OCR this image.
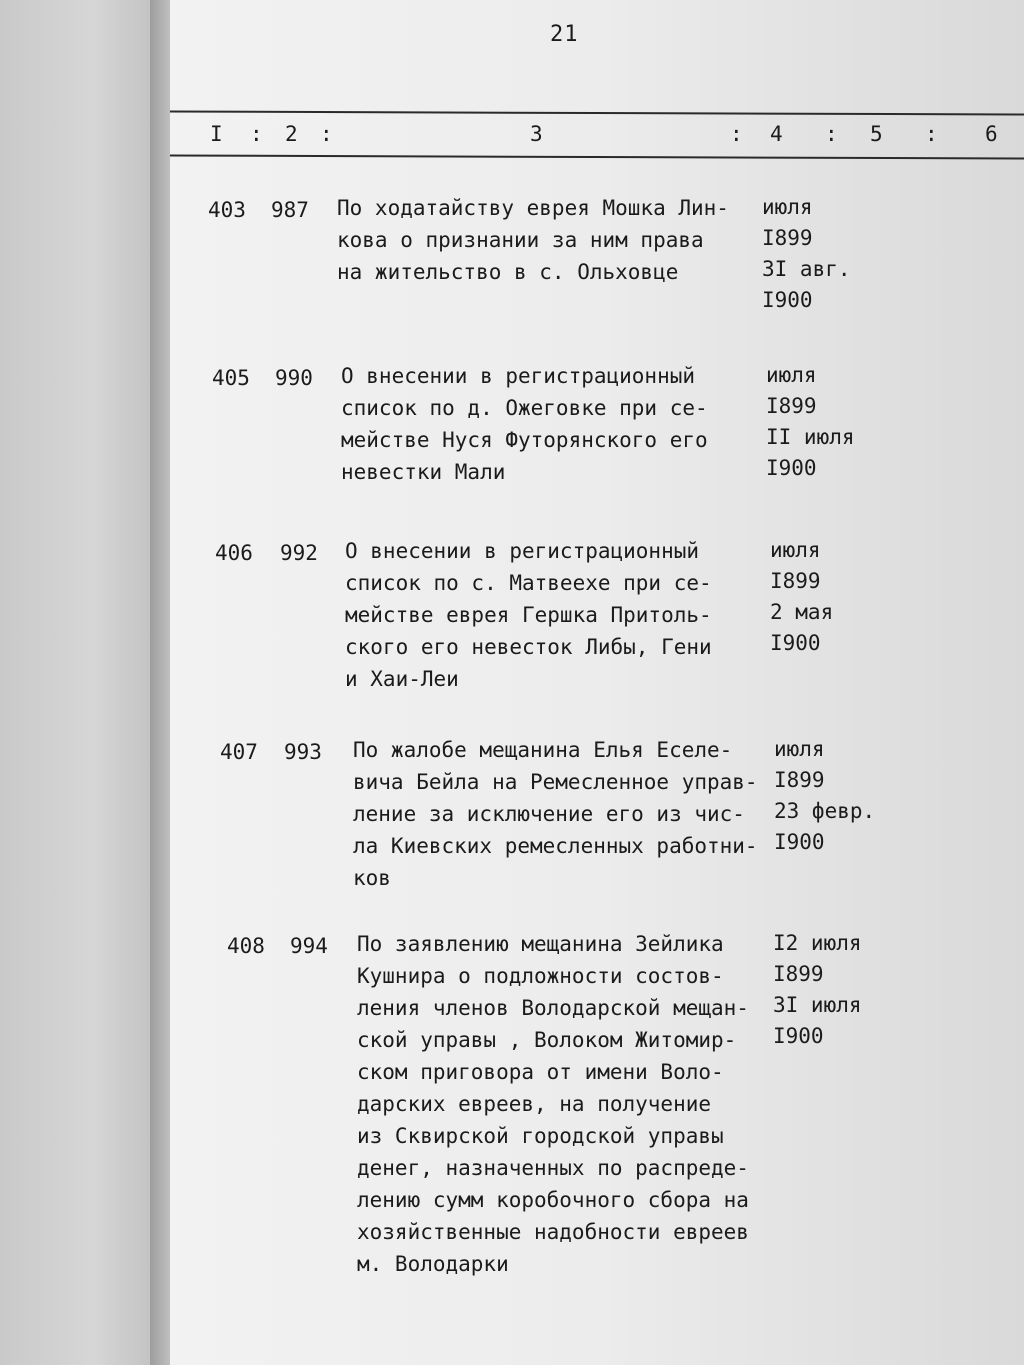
21
I : 2 :	3	: 4 : 5 : 6
403 987 По ходатайству еврея Мошка Лин-
кова о признании за ним права
на жительство в с. Ольховце
июля
I899
3I авг.
I900
405 990 О внесении в регистрационный
список по д. Ожеговке при се-
мействе Нуся Футорянского его
невестки Мали
июля
I899
II июля
I900
406 992 О внесении в регистрационный
список по с. Матвеехе при се-
мействе еврея Гершка Притоль-
ского его невесток Либы, Гени
и Хаи-Леи
июля
I899
2 мая
I900
407 993 По жалобе мещанина Елья Еселе-
вича Бейла на Ремесленное управ-
ление за исключение его из чис-
ла Киевских ремесленных работни-
ков
июля
I899
23 февр.
I900
408 994 По заявлению мещанина Зейлика
Кушнира о подложности состов-
ления членов Володарской мещан-
ской управы , Волоком Житомир-
ском приговора от имени Воло-
дарских евреев, на получение
из Сквирской городской управы
денег, назначенных по распреде-
лению сумм коробочного сбора на
хозяйственные надобности евреев
м. Володарки
I2 июля
I899
3I июля
I900
